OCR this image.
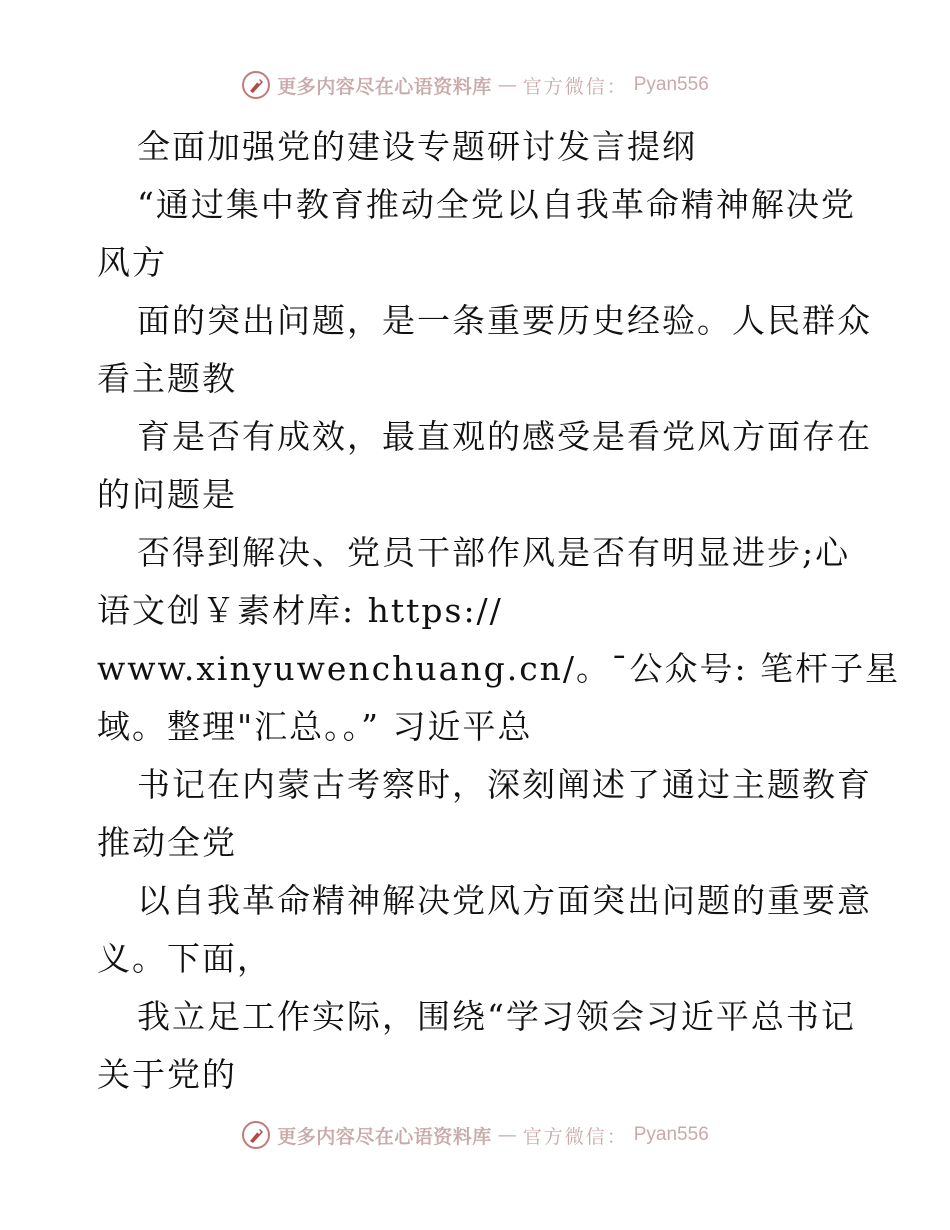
更多内容尽在心语资料库 — 官方微信： Pyan556
全面加强党的建设专题研讨发言提纲
“通过集中教育推动全党以自我革命精神解决党
风方
面的突出问题，是一条重要历史经验。人民群众
看主题教
育是否有成效，最直观的感受是看党风方面存在
的问题是
否得到解决、党员干部作风是否有明显进步;心
语文创￥素材库: https://
www.xinyuwenchuang.cn/。¯公众号: 笔杆子星
域。整理"汇总。。” 习近平总
书记在内蒙古考察时，深刻阐述了通过主题教育
推动全党
以自我革命精神解决党风方面突出问题的重要意
义。下面，
我立足工作实际，围绕“学习领会习近平总书记
关于党的
更多内容尽在心语资料库 — 官方微信： Pyan556
